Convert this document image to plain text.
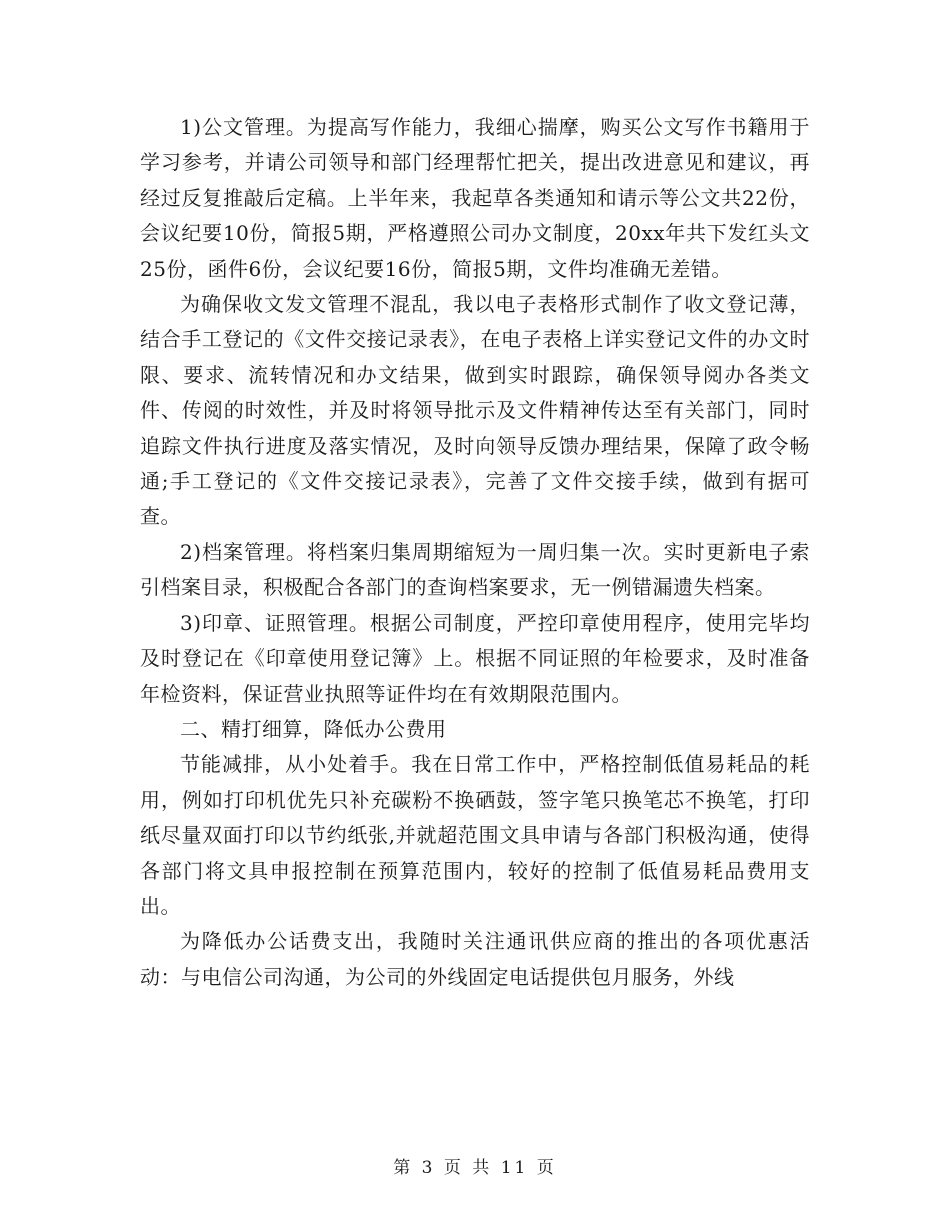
1)公文管理。为提高写作能力，我细心揣摩，购买公文写作书籍用于学习参考，并请公司领导和部门经理帮忙把关，提出改进意见和建议，再经过反复推敲后定稿。上半年来，我起草各类通知和请示等公文共22份，会议纪要10份，简报5期，严格遵照公司办文制度，20xx年共下发红头文25份，函件6份，会议纪要16份，简报5期，文件均准确无差错。

为确保收文发文管理不混乱，我以电子表格形式制作了收文登记薄，结合手工登记的《文件交接记录表》，在电子表格上详实登记文件的办文时限、要求、流转情况和办文结果，做到实时跟踪，确保领导阅办各类文件、传阅的时效性，并及时将领导批示及文件精神传达至有关部门，同时追踪文件执行进度及落实情况，及时向领导反馈办理结果，保障了政令畅通;手工登记的《文件交接记录表》，完善了文件交接手续，做到有据可查。

2)档案管理。将档案归集周期缩短为一周归集一次。实时更新电子索引档案目录，积极配合各部门的查询档案要求，无一例错漏遗失档案。

3)印章、证照管理。根据公司制度，严控印章使用程序，使用完毕均及时登记在《印章使用登记簿》上。根据不同证照的年检要求，及时准备年检资料，保证营业执照等证件均在有效期限范围内。

二、精打细算，降低办公费用

节能减排，从小处着手。我在日常工作中，严格控制低值易耗品的耗用，例如打印机优先只补充碳粉不换硒鼓，签字笔只换笔芯不换笔，打印纸尽量双面打印以节约纸张,并就超范围文具申请与各部门积极沟通，使得各部门将文具申报控制在预算范围内，较好的控制了低值易耗品费用支出。

为降低办公话费支出，我随时关注通讯供应商的推出的各项优惠活动：与电信公司沟通，为公司的外线固定电话提供包月服务，外线

第 3 页 共 11 页
